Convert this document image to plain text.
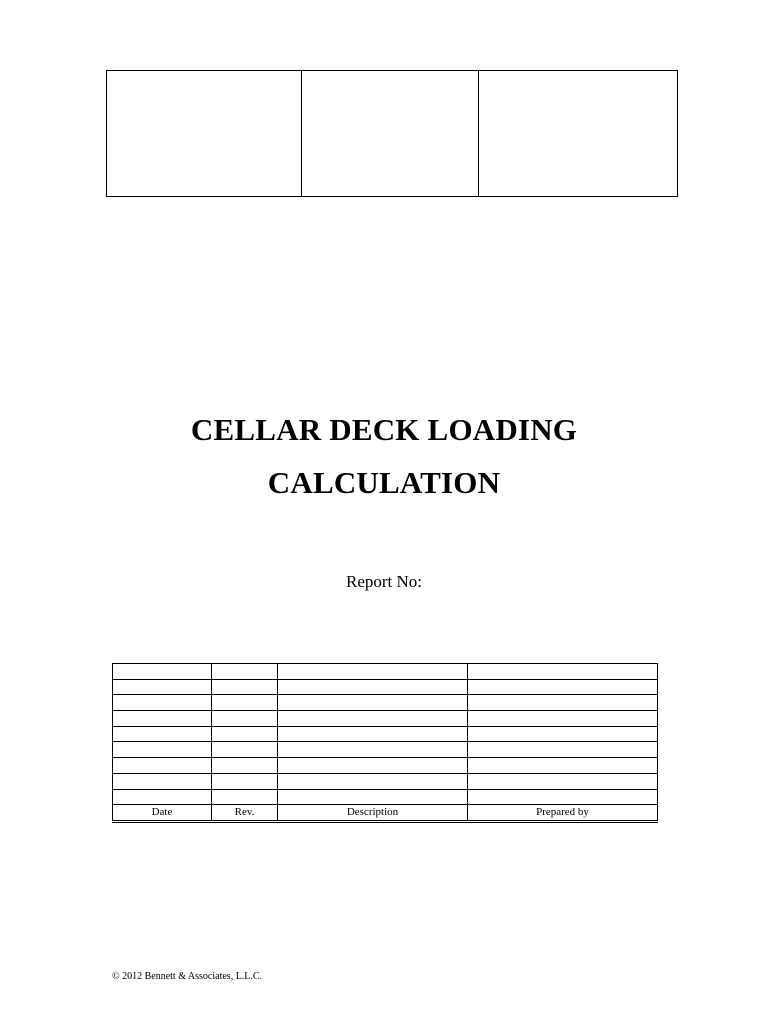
CELLAR DECK LOADING
CALCULATION
Report No:

Date	Rev.	Description	Prepared by
© 2012 Bennett & Associates, L.L.C.
